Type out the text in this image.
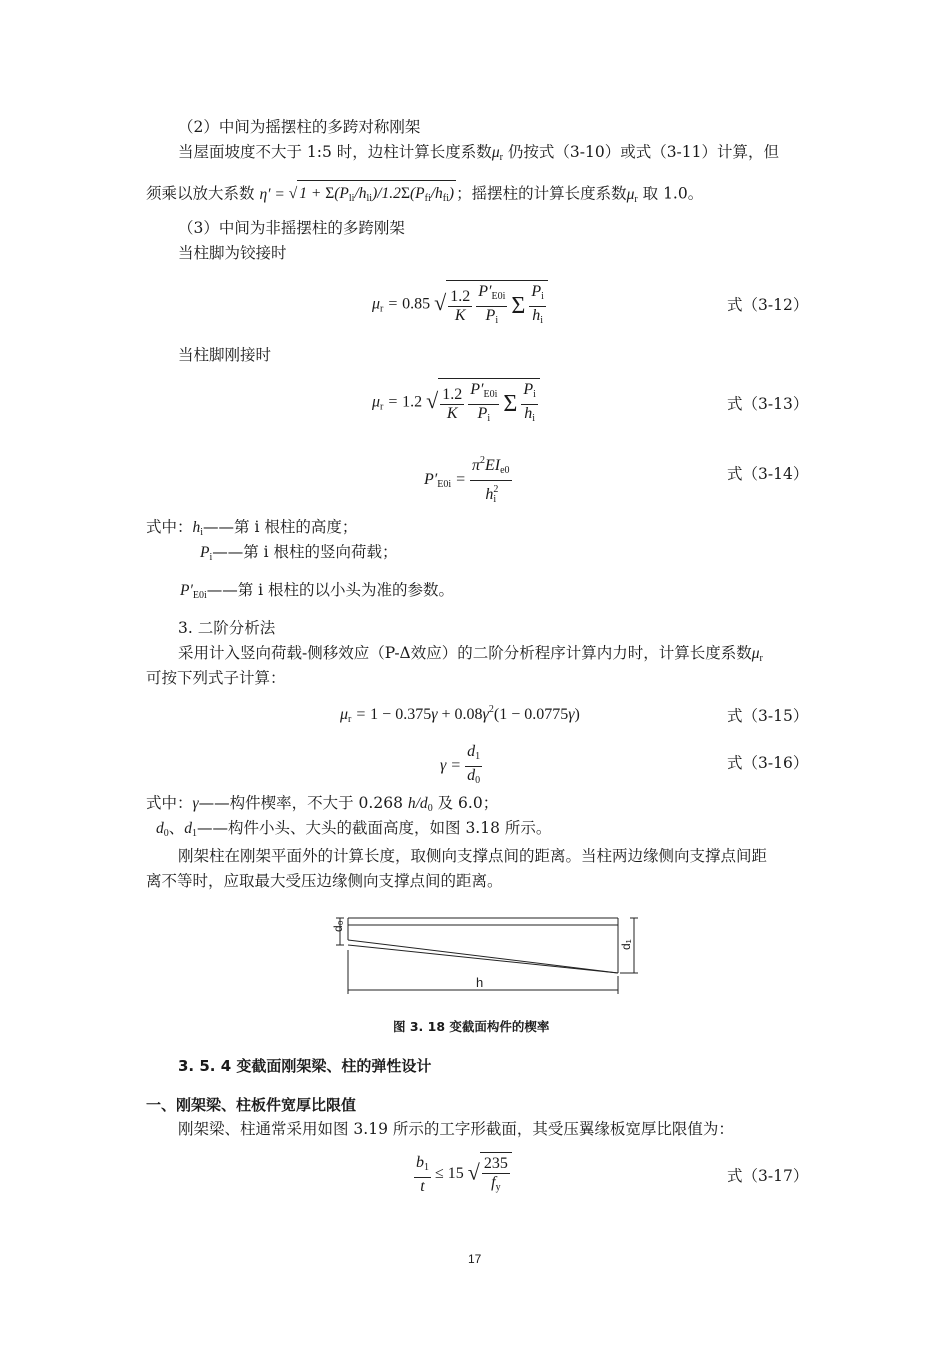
（2）中间为摇摆柱的多跨对称刚架
当屋面坡度不大于 1:5 时，边柱计算长度系数$\mu_r$ 仍按式（3-10）或式（3-11）计算，但
须乘以放大系数 η′ = √ $1 + \Sigma(P_{li}/h_{li})/1.2\Sigma(P_{fi}/h_{fi})$ ；摇摆柱的计算长度系数$\mu_r$ 取 1.0。
（3）中间为非摇摆柱的多跨刚架
当柱脚为铰接时
$\mu_r = 0.85$ √ $\frac{1.2}{K}$
$\frac{P'_{E0i}}{P_i}$ Σ $\frac{P_i}{h_i}$	式（3-12）
当柱脚刚接时
$\mu_r = 1.2$ √ $\frac{1.2}{K}$
$\frac{P'_{E0i}}{P_i}$ Σ $\frac{P_i}{h_i}$	式（3-13）
$P'_{E0i} = \frac{\pi^2EI_{e0}}{h^2_i}$	式（3-14）
式中：$h_i——$第 i 根柱的高度；
$P_i——$第 i 根柱的竖向荷载；
$P'_{E0i}——$第 i 根柱的以小头为准的参数。
3. 二阶分析法
采用计入竖向荷载-侧移效应（P-Δ效应）的二阶分析程序计算内力时，计算长度系数$\mu_r$
可按下列式子计算：
$\mu_r = 1 - 0.375\gamma + 0.08\gamma^2(1 - 0.0775\gamma)$	式（3-15）
$\gamma = \frac{d_1}{d_0}$	式（3-16）
式中：γ——构件楔率，不大于 0.268 $h/d_0$ 及 6.0；
$d_0$、$d_1——$构件小头、大头的截面高度，如图 3.18 所示。
刚架柱在刚架平面外的计算长度，取侧向支撑点间的距离。当柱两边缘侧向支撑点间距
离不等时，应取最大受压边缘侧向支撑点间的距离。
d₀
d₁
h
图 3. 18 变截面构件的楔率
3. 5. 4 变截面刚架梁、柱的弹性设计
一、刚架梁、柱板件宽厚比限值
刚架梁、柱通常采用如图 3.19 所示的工字形截面，其受压翼缘板宽厚比限值为：
$\frac{b_1}{t} \le 15$ √ $\frac{235}{f_y}$	式（3-17）
17
